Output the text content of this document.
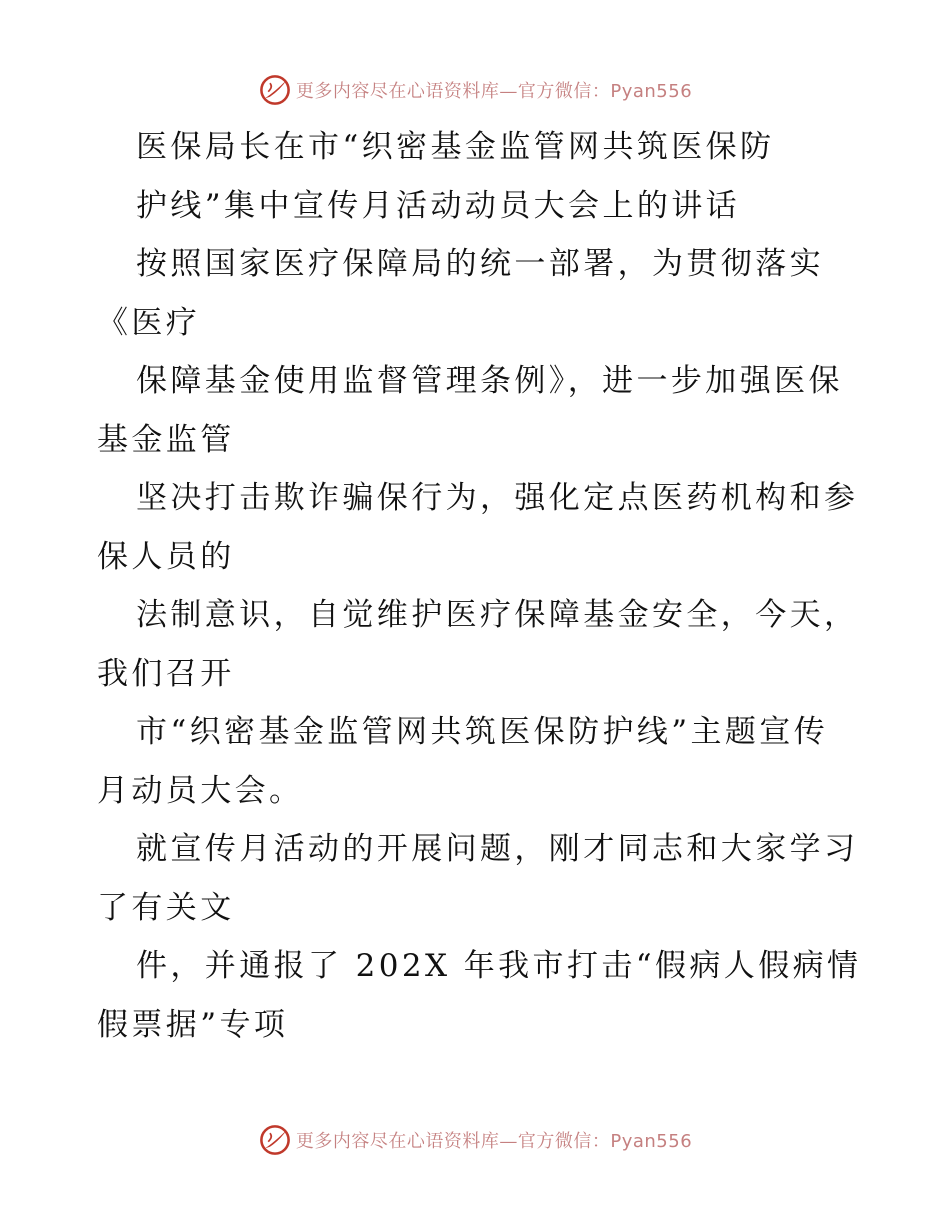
更多内容尽在心语资料库—官方微信：Pyan556
医保局长在市“织密基金监管网共筑医保防
护线”集中宣传月活动动员大会上的讲话
按照国家医疗保障局的统一部署，为贯彻落实
《医疗
保障基金使用监督管理条例》，进一步加强医保
基金监管
坚决打击欺诈骗保行为，强化定点医药机构和参
保人员的
法制意识，自觉维护医疗保障基金安全，今天，
我们召开
市“织密基金监管网共筑医保防护线”主题宣传
月动员大会。
就宣传月活动的开展问题，刚才同志和大家学习
了有关文
件，并通报了 202X 年我市打击“假病人假病情
假票据”专项
更多内容尽在心语资料库—官方微信：Pyan556
